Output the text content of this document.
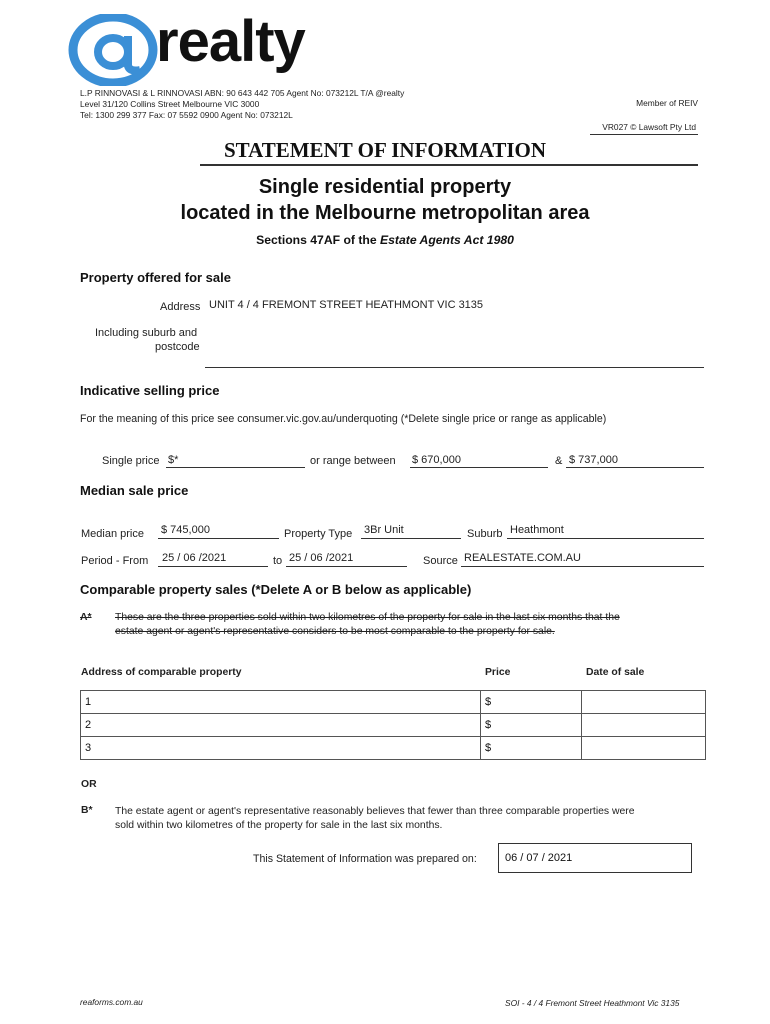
realty
L.P RINNOVASI & L RINNOVASI ABN: 90 643 442 705 Agent No: 073212L T/A @realty
Level 31/120 Collins Street Melbourne VIC 3000
Tel: 1300 299 377 Fax: 07 5592 0900 Agent No: 073212L
Member of REIV
VR027 © Lawsoft Pty Ltd
STATEMENT OF INFORMATION
Single residential property
located in the Melbourne metropolitan area
Sections 47AF of the Estate Agents Act 1980
Property offered for sale
Address UNIT 4 / 4 FREMONT STREET HEATHMONT VIC 3135
Including suburb and
postcode
Indicative selling price
For the meaning of this price see consumer.vic.gov.au/underquoting (*Delete single price or range as applicable)
Single price $*	or range between $ 670,000	& $ 737,000
Median sale price
Median price $ 745,000	Property Type 3Br Unit	Suburb Heathmont
Period - From 25 / 06 /2021	to 25 / 06 /2021	Source REALESTATE.COM.AU
Comparable property sales (*Delete A or B below as applicable)
A* These are the three properties sold within two kilometres of the property for sale in the last six months that the
estate agent or agent's representative considers to be most comparable to the property for sale.
Address of comparable property	Price	Date of sale
1	$	
2	$	
3	$	
OR
B* The estate agent or agent's representative reasonably believes that fewer than three comparable properties were
sold within two kilometres of the property for sale in the last six months.
This Statement of Information was prepared on:	06 / 07 / 2021
reaforms.com.au	SOI - 4 / 4 Fremont Street Heathmont Vic 3135
